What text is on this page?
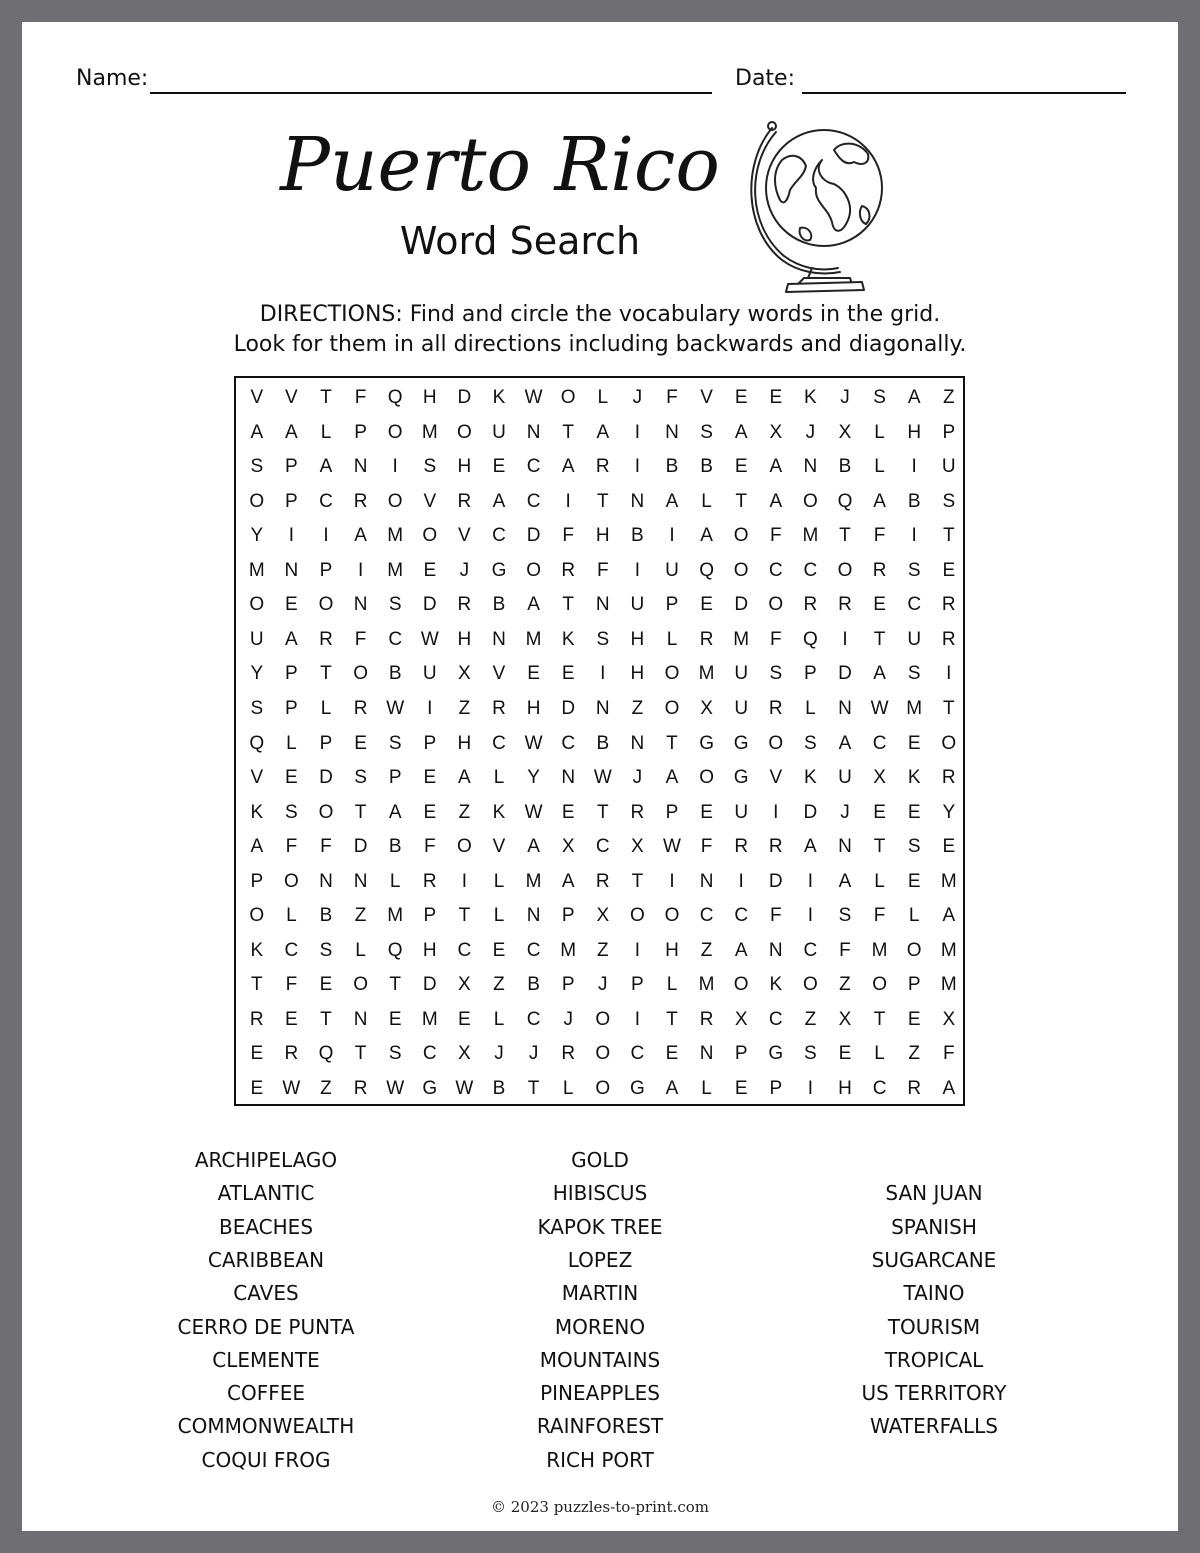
Name:	Date:
Puerto Rico
Word Search
DIRECTIONS: Find and circle the vocabulary words in the grid.
Look for them in all directions including backwards and diagonally.
V	V	T	F	Q	H	D	K	W O	L	J	F	V	E	E	K	J	S	A	Z
A	A	L	P	O	M	O	U	N	T	A	I	N	S	A	X	J	X	L	H	P
S	P	A	N	I	S	H	E	C	A	R	I	B	B	E	A	N	B	L	I	U
O	P	C	R	O	V	R	A	C	I	T	N	A	L	T	A	O	Q	A	B	S
Y	I	I	A	M	O	V	C	D	F	H	B	I	A	O	F	M	T	F	I	T
M	N	P	I	M	E	J	G	O	R	F	I	U	Q	O	C	C	O	R	S	E
O	E	O	N	S	D	R	B	A	T	N	U	P	E	D	O	R	R	E	C	R
U	A	R	F	C W H	N	M	K	S	H	L	R	M	F	Q	I	T	U	R
Y	P	T	O	B	U	X	V	E	E	I	H	O	M	U	S	P	D	A	S	I
S	P	L	R W	I	Z	R	H	D	N	Z	O	X	U	R	L	N W M	T
Q	L	P	E	S	P	H	C W C	B	N	T	G	G	O	S	A	C	E	O
V	E	D	S	P	E	A	L	Y	N W	J	A	O	G	V	K	U	X	K	R
K	S	O	T	A	E	Z	K	W	E	T	R	P	E	U	I	D	J	E	E	Y
A	F	F	D	B	F	O	V	A	X	C	X	W	F	R	R	A	N	T	S	E
P	O	N	N	L	R	I	L	M	A	R	T	I	N	I	D	I	A	L	E	M
O	L	B	Z	M	P	T	L	N	P	X	O	O	C	C	F	I	S	F	L	A
K	C	S	L	Q	H	C	E	C	M	Z	I	H	Z	A	N	C	F	M	O	M
T	F	E	O	T	D	X	Z	B	P	J	P	L	M	O	K	O	Z	O	P	M
R	E	T	N	E	M	E	L	C	J	O	I	T	R	X	C	Z	X	T	E	X
E	R	Q	T	S	C	X	J	J	R	O	C	E	N	P	G	S	E	L	Z	F
E	W	Z	R W G W	B	T	L	O	G	A	L	E	P	I	H	C	R	A
ARCHIPELAGO
ATLANTIC
BEACHES
CARIBBEAN
CAVES
CERRO DE PUNTA
CLEMENTE
COFFEE
COMMONWEALTH
COQUI FROG
GOLD
HIBISCUS
KAPOK TREE
LOPEZ
MARTIN
MORENO
MOUNTAINS
PINEAPPLES
RAINFOREST
RICH PORT
SAN JUAN
SPANISH
SUGARCANE
TAINO
TOURISM
TROPICAL
US TERRITORY
WATERFALLS
© 2023 puzzles-to-print.com
